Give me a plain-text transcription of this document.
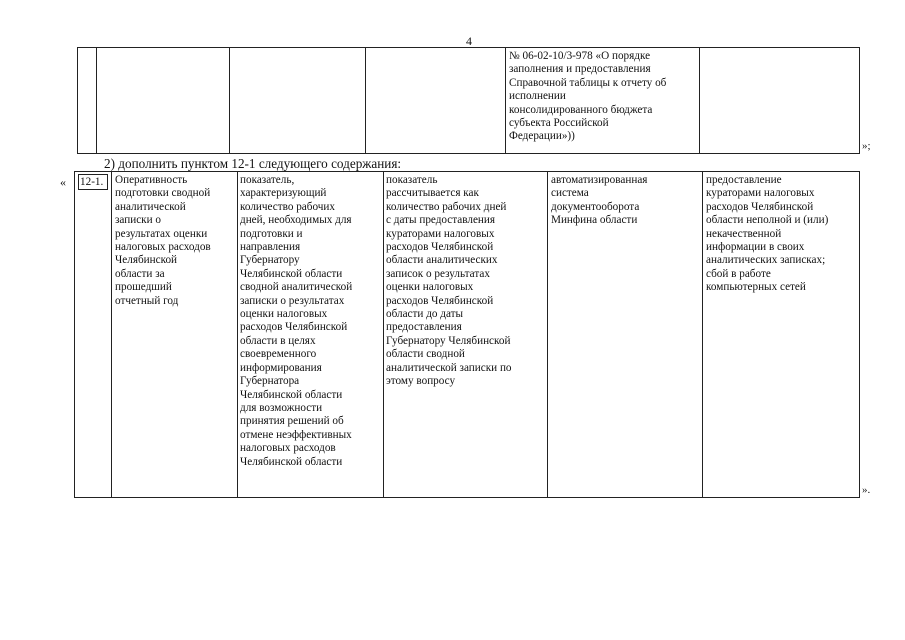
4
№ 06-02-10/3-978 «О порядке
заполнения и предоставления
Справочной таблицы к отчету об
исполнении
консолидированного бюджета
субъекта Российской
Федерации»))
»;
2) дополнить пунктом 12-1 следующего содержания:
« 12-1.	Оперативность
подготовки сводной
аналитической
записки о
результатах оценки
налоговых расходов
Челябинской
области за
прошедший
отчетный год
показатель,
характеризующий
количество рабочих
дней, необходимых для
подготовки и
направления
Губернатору
Челябинской области
сводной аналитической
записки о результатах
оценки налоговых
расходов Челябинской
области в целях
своевременного
информирования
Губернатора
Челябинской области
для возможности
принятия решений об
отмене неэффективных
налоговых расходов
Челябинской области
показатель
рассчитывается как
количество рабочих дней
с даты предоставления
кураторами налоговых
расходов Челябинской
области аналитических
записок о результатах
оценки налоговых
расходов Челябинской
области до даты
предоставления
Губернатору Челябинской
области сводной
аналитической записки по
этому вопросу
автоматизированная
система
документооборота
Минфина области
предоставление
кураторами налоговых
расходов Челябинской
области неполной и (или)
некачественной
информации в своих
аналитических записках;
сбой в работе
компьютерных сетей
».
